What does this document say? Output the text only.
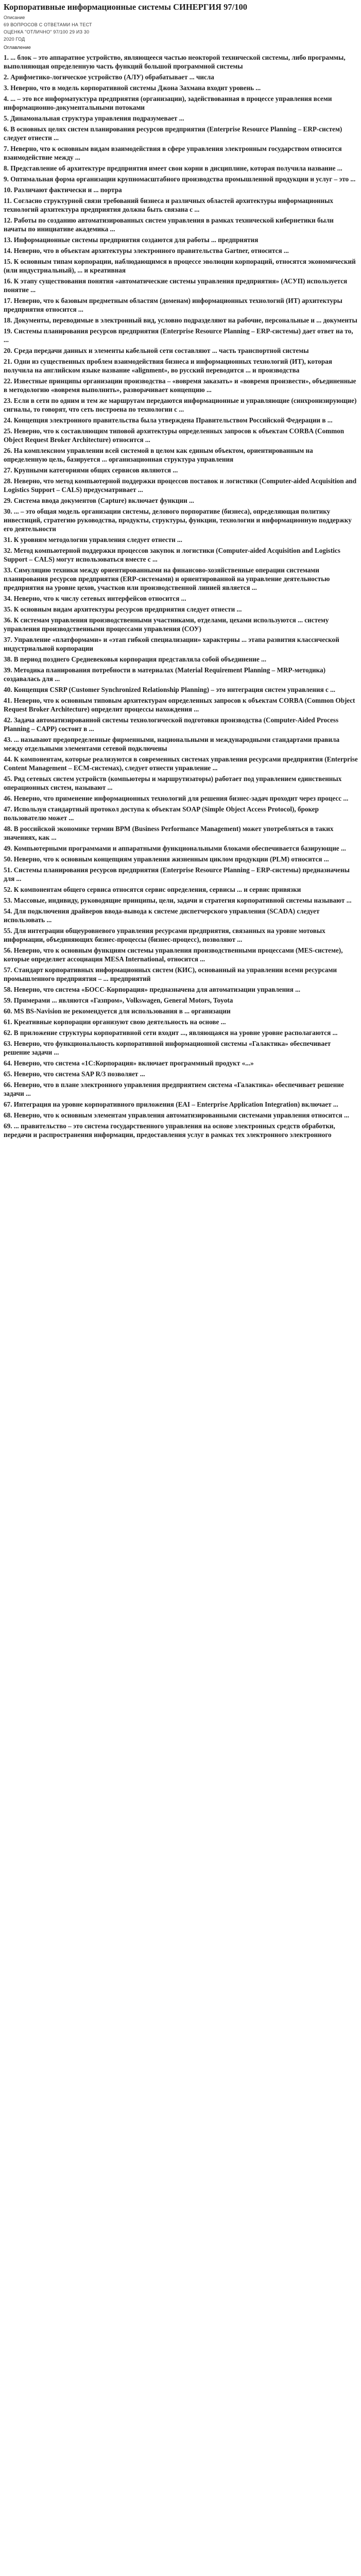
Корпоративные информационные системы СИНЕРГИЯ 97/100

Описание

69 ВОПРОСОВ С ОТВЕТАМИ НА ТЕСТ

ОЦЕНКА "ОТЛИЧНО" 97/100 29 ИЗ 30

2020 ГОД

Оглавление

1. ... блок – это аппаратное устройство, являющееся частью неокторой технической системы, либо программы, выполняющая определенную часть функций большой программной системы

2. Арифметико-логическое устройство (АЛУ) обрабатывает ... числа

3. Неверно, что в модель корпоративной системы Джона Захмана входит уровень ...

4. ... – это все информатуктура предприятия (организации), задействованная в процессе управления всеми информационно-документальными потоками

5. Динамональная структура управления подразумевает ...

6. В основных целях систем планирования ресурсов предприятия (Enterprise Resource Planning – ERP-систем) следует отнести ...

7. Неверно, что к основным видам взаимодействия в сфере управления электронным государством относится взаимодействие между ...

8. Представление об архитектуре предприятия имеет свои корни в дисциплине, которая получила название ...

9. Оптимальная форма организации крупномасштабного производства промышленной продукции и услуг – это ...

10. Различают фактически и ... портра

11. Согласно структурной связи требований бизнеса и различных областей архитектуры информационных технологий архитектура предприятия должна быть связана с ...

12. Работы по созданию автоматизированных систем управления в рамках технической кибернетики были начаты по инициативе академика ...

13. Информационные системы предприятия создаются для работы ... предприятия

14. Неверно, что в объектам архитектуры электронного правительства Gartner, относится ...

15. К основным типам корпорации, наблюдающимся в процессе эволюции корпораций, относятся экономический (или индустриальный), ... и креативная

16. К этапу существования понятия «автоматические системы управления предприятия» (АСУП) используется понятие ...

17. Неверно, что к базовым предметным областям (доменам) информационных технологий (ИТ) архитектуры предприятия относится ...

18. Документы, переводимые в электронный вид, условно подразделяют на рабочие, персональные и ... документы

19. Системы планирования ресурсов предприятия (Enterprise Resource Planning – ERP-системы) дает ответ на то, ...

20. Среда передачи данных и элементы кабельной сети составляют ... часть транспортной системы

21. Одни из существенных проблем взаимодействия бизнеса и информационных технологий (ИТ), которая получила на английском языке название «alignment», во русский переводится ... и производства

22. Известные принципы организации производства – «вовремя заказать» и «вовремя произвести», объединенные в методологию «вовремя выполнить», разворачивает концепцию ...

23. Если в сети по одним и тем же маршрутам передаются информационные и управляющие (синхронизирующие) сигналы, то говорят, что сеть построена по технологии с ...

24. Концепция электронного правительства была утверждена Правительством Российской Федерации в ...

25. Неверно, что к составляющим типовой архитектуры определенных запросов к объектам CORBA (Common Object Request Broker Architecture) относится ...

26. На комплексном управлении всей системой в целом как единым объектом, ориентированным на определенную цель, базируется ... организационная структура управления

27. Крупными категориями общих сервисов являются ...

28. Неверно, что метод компьютерной поддержки процессов поставок и логистики (Computer-aided Acquisition and Logistics Support – CALS) предусматривает ...

29. Система ввода документов (Capture) включает функции ...

30. ... – это общая модель организации системы, делового порпоративе (бизнеса), определяющая политику инвестиций, стратегию руководства, продукты, структуры, функции, технологии и информационную поддержку его деятельности

31. К уровням методологии управления следует отнести ...

32. Метод компьютерной поддержки процессов закупок и логистики (Computer-aided Acquisition and Logistics Support – CALS) могут использоваться вместе с ...

33. Симуляцию техники между ориентированными на финансово-хозяйственные операции системами планирования ресурсов предприятия (ERP-системами) и ориентированной на управление деятельностью предприятия на уровне цехов, участков или производственной линией является ...

34. Неверно, что к числу сетевых интерфейсов относится ...

35. К основным видам архитектуры ресурсов предприятия следует отнести ...

36. К системам управления производственными участниками, отделами, цехами используются ... систему управления производственными процессами управления (СОУ)

37. Управление «платформами» и «этап гибкой специализации» характерны ... этапа развития классической индустриальной корпорации

38. В период позднего Средневековья корпорация представляла собой объединение ...

39. Методика планирования потребности в материалах (Material Requirement Planning – MRP-методика) создавалась для ...

40. Концепция CSRP (Customer Synchronized Relationship Planning) – это интеграция систем управления с ...

41. Неверно, что к основным типовым архитектурам определенных запросов к объектам CORBA (Common Object Request Broker Architecture) определит процессы нахождения ...

42. Задача автоматизированной системы технологической подготовки производства (Computer-Aided Process Planning – CAPP) состоит в ...

43. ... называют предопределенные фирменными, национальными и международными стандартами правила между отдельными элементами сетевой подключены

44. К компонентам, которые реализуются в современных системах управления ресурсами предприятия (Enterprise Content Management – ECM-системах), следует отнести управление ...

45. Ряд сетевых систем устройств (компьютеры и маршрутизаторы) работает под управлением единственных операционных систем, называют ...

46. Неверно, что применение информационных технологий для решения бизнес-задач проходит через процесс ...

47. Используя стандартный протокол доступа к объектам SOAP (Simple Object Access Protocol), брокер пользователю может ...

48. В российской экономике термин BPM (Business Performance Management) может употребляться в таких значениях, как ...

49. Компьютерными программами и аппаратными функциональными блоками обеспечивается базирующие ...

50. Неверно, что к основным концепциям управления жизненным циклом продукции (PLM) относится ...

51. Системы планирования ресурсов предприятия (Enterprise Resource Planning – ERP-системы) предназначены для ...

52. К компонентам общего сервиса относятся сервис определения, сервисы ... и сервис привязки

53. Массовые, индивиду, руководящие принципы, цели, задачи и стратегия корпоративной системы называют ...

54. Для подключения драйверов ввода-вывода к системе диспетчерского управления (SCADA) следует использовать ...

55. Для интеграции общеуровневого управления ресурсами предприятия, связанных на уровне мотовых информации, объединяющих бизнес-процессы (бизнес-процесс), позволяют ...

56. Неверно, что к основным функциям системы управления производственными процессами (MES-системе), которые определяет ассоциация MESA International, относится ...

57. Стандарт корпоративных информационных систем (КИС), основанный на управлении всеми ресурсами промышленного предприятия – ... предприятий

58. Неверно, что система «БОСС-Корпорация» предназначена для автоматизации управления ...

59. Примерами ... являются «Газпром», Volkswagen, General Motors, Toyota

60. MS BS-Navision не рекомендуется для использования в ... организации

61. Креативные корпорации организуют свою деятельность на основе ...

62. В приложение структуры корпоративной сети входит ..., являющаяся на уровне уровне располагаются ...

63. Неверно, что функциональность корпоративной информационной системы «Галактика» обеспечивает решение задачи ...

64. Неверно, что система «1С:Корпорация» включает программный продукт «...»

65. Неверно, что система SAP R/3 позволяет ...

66. Неверно, что в плане электронного управления предприятием система «Галактика» обеспечивает решение задачи ...

67. Интеграция на уровне корпоративного приложения (EAI – Enterprise Application Integration) включает ...

68. Неверно, что к основным элементам управления автоматизированными системами управления относится ...

69. ... правительство – это система государственного управления на основе электронных средств обработки, передачи и распространения информации, предоставления услуг в рамках тех электронного электронного
